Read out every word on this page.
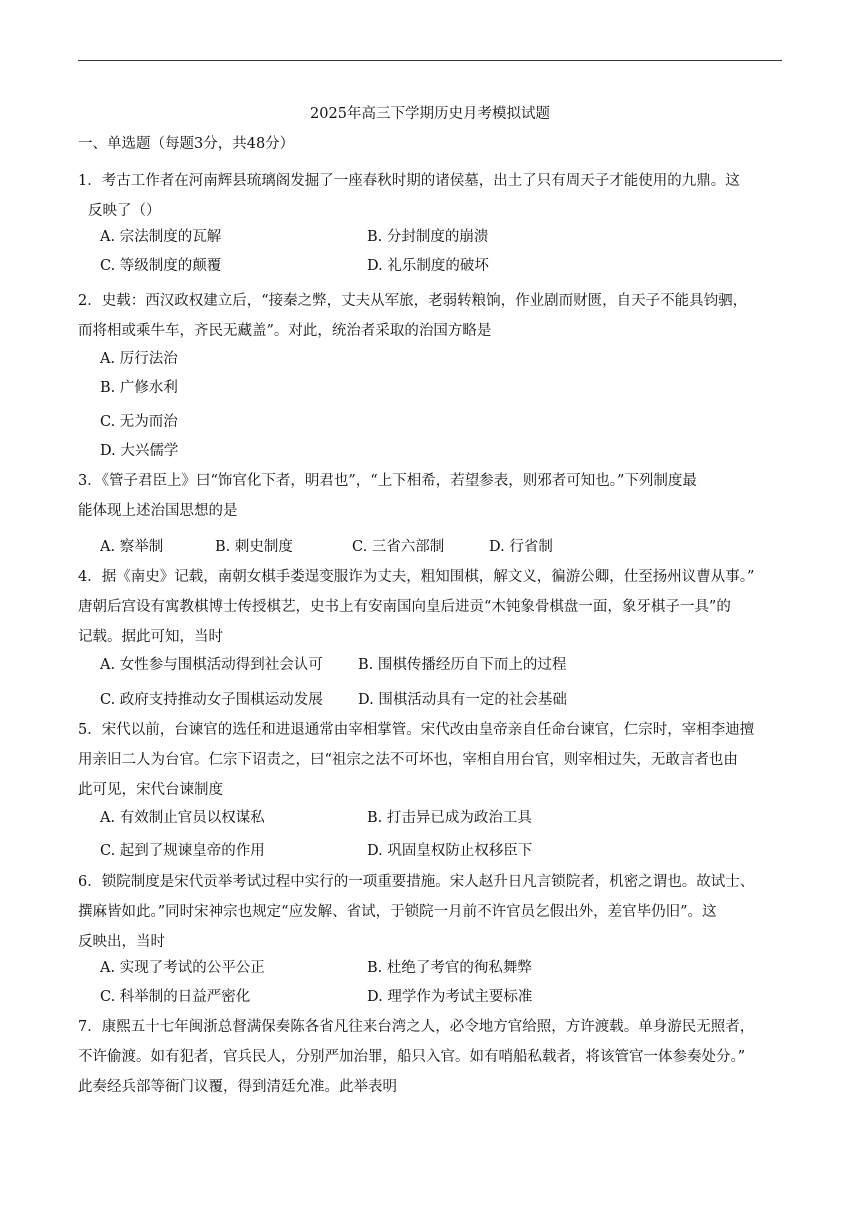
2025年高三下学期历史月考模拟试题
一、单选题（每题3分，共48分）
1．考古工作者在河南辉县琉璃阁发掘了一座春秋时期的诸侯墓，出土了只有周天子才能使用的九鼎。这
反映了（）
A. 宗法制度的瓦解	B. 分封制度的崩溃
C. 等级制度的颠覆	D. 礼乐制度的破坏
2．史载：西汉政权建立后，“接秦之弊，丈夫从军旅，老弱转粮饷，作业剧而财匮，自天子不能具钧驷，
而将相或乘牛车，齐民无藏盖”。对此，统治者采取的治国方略是
A. 厉行法治
B. 广修水利
C. 无为而治
D. 大兴儒学
3．《管子君臣上》曰“饰官化下者，明君也”，“上下相希，若望参表，则邪者可知也。”下列制度最
能体现上述治国思想的是
A. 察举制	B. 刺史制度	C. 三省六部制	D. 行省制
4．据《南史》记载，南朝女棋手娄逞变服诈为丈夫，粗知围棋，解文义，徧游公卿，仕至扬州议曹从事。”
唐朝后宫设有寓教棋博士传授棋艺，史书上有安南国向皇后进贡“木钝象骨棋盘一面，象牙棋子一具”的
记载。据此可知，当时
A. 女性参与围棋活动得到社会认可 B. 围棋传播经历自下而上的过程
C. 政府支持推动女子围棋运动发展 D. 围棋活动具有一定的社会基础
5．宋代以前，台谏官的选任和进退通常由宰相掌管。宋代改由皇帝亲自任命台谏官，仁宗时，宰相李迪擅
用亲旧二人为台官。仁宗下诏责之，曰“祖宗之法不可坏也，宰相自用台官，则宰相过失，无敢言者也由
此可见，宋代台谏制度
A. 有效制止官员以权谋私	B. 打击异已成为政治工具
C. 起到了规谏皇帝的作用	D. 巩固皇权防止权移臣下
6．锁院制度是宋代贡举考试过程中实行的一项重要措施。宋人赵升日凡言锁院者，机密之谓也。故试士、
撰麻皆如此。”同时宋神宗也规定“应发解、省试，于锁院一月前不许官员乞假出外，差官毕仍旧”。这
反映出，当时
A. 实现了考试的公平公正	B. 杜绝了考官的徇私舞弊
C. 科举制的日益严密化	D. 理学作为考试主要标准
7．康熙五十七年闽浙总督满保奏陈各省凡往来台湾之人，必令地方官给照，方许渡载。单身游民无照者，
不许偷渡。如有犯者，官兵民人，分别严加治罪，船只入官。如有哨船私载者，将该管官一体参奏处分。”
此奏经兵部等衙门议覆，得到清廷允准。此举表明
